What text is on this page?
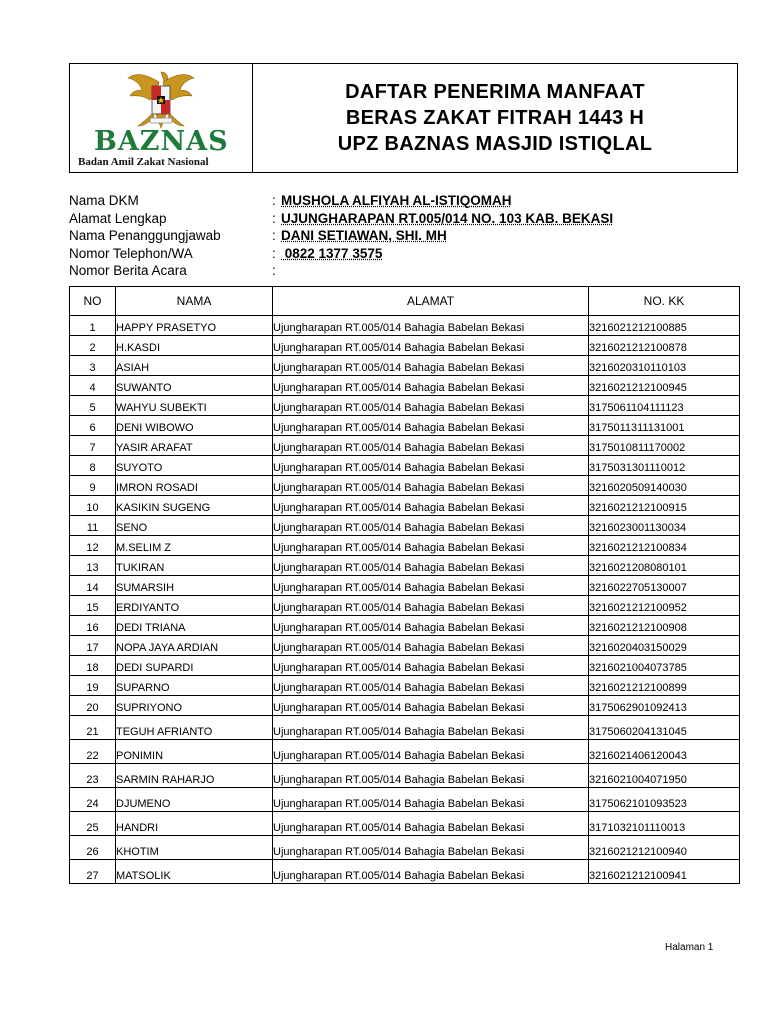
BAZNAS
Badan Amil Zakat Nasional
DAFTAR PENERIMA MANFAAT
BERAS ZAKAT FITRAH 1443 H
UPZ BAZNAS MASJID ISTIQLAL
Nama DKM	: MUSHOLA ALFIYAH AL-ISTIQOMAH
Alamat Lengkap	: UJUNGHARAPAN RT.005/014 NO. 103 KAB. BEKASI
Nama Penanggungjawab	: DANI SETIAWAN, SHI. MH
Nomor Telephon/WA	: 0822 1377 3575
Nomor Berita Acara	:
NO	NAMA	ALAMAT	NO. KK
1	HAPPY PRASETYO	Ujungharapan RT.005/014 Bahagia Babelan Bekasi	3216021212100885
2	H.KASDI	Ujungharapan RT.005/014 Bahagia Babelan Bekasi	3216021212100878
3	ASIAH	Ujungharapan RT.005/014 Bahagia Babelan Bekasi	3216020310110103
4	SUWANTO	Ujungharapan RT.005/014 Bahagia Babelan Bekasi	3216021212100945
5	WAHYU SUBEKTI	Ujungharapan RT.005/014 Bahagia Babelan Bekasi	3175061104111123
6	DENI WIBOWO	Ujungharapan RT.005/014 Bahagia Babelan Bekasi	3175011311131001
7	YASIR ARAFAT	Ujungharapan RT.005/014 Bahagia Babelan Bekasi	3175010811170002
8	SUYOTO	Ujungharapan RT.005/014 Bahagia Babelan Bekasi	3175031301110012
9	IMRON ROSADI	Ujungharapan RT.005/014 Bahagia Babelan Bekasi	3216020509140030
10	KASIKIN SUGENG	Ujungharapan RT.005/014 Bahagia Babelan Bekasi	3216021212100915
11	SENO	Ujungharapan RT.005/014 Bahagia Babelan Bekasi	3216023001130034
12	M.SELIM Z	Ujungharapan RT.005/014 Bahagia Babelan Bekasi	3216021212100834
13	TUKIRAN	Ujungharapan RT.005/014 Bahagia Babelan Bekasi	3216021208080101
14	SUMARSIH	Ujungharapan RT.005/014 Bahagia Babelan Bekasi	3216022705130007
15	ERDIYANTO	Ujungharapan RT.005/014 Bahagia Babelan Bekasi	3216021212100952
16	DEDI TRIANA	Ujungharapan RT.005/014 Bahagia Babelan Bekasi	3216021212100908
17	NOPA JAYA ARDIAN	Ujungharapan RT.005/014 Bahagia Babelan Bekasi	3216020403150029
18	DEDI SUPARDI	Ujungharapan RT.005/014 Bahagia Babelan Bekasi	3216021004073785
19	SUPARNO	Ujungharapan RT.005/014 Bahagia Babelan Bekasi	3216021212100899
20	SUPRIYONO	Ujungharapan RT.005/014 Bahagia Babelan Bekasi	3175062901092413
21	TEGUH AFRIANTO	Ujungharapan RT.005/014 Bahagia Babelan Bekasi	3175060204131045
22	PONIMIN	Ujungharapan RT.005/014 Bahagia Babelan Bekasi	3216021406120043
23	SARMIN RAHARJO	Ujungharapan RT.005/014 Bahagia Babelan Bekasi	3216021004071950
24	DJUMENO	Ujungharapan RT.005/014 Bahagia Babelan Bekasi	3175062101093523
25	HANDRI	Ujungharapan RT.005/014 Bahagia Babelan Bekasi	3171032101110013
26	KHOTIM	Ujungharapan RT.005/014 Bahagia Babelan Bekasi	3216021212100940
27	MATSOLIK	Ujungharapan RT.005/014 Bahagia Babelan Bekasi	3216021212100941
Halaman 1
